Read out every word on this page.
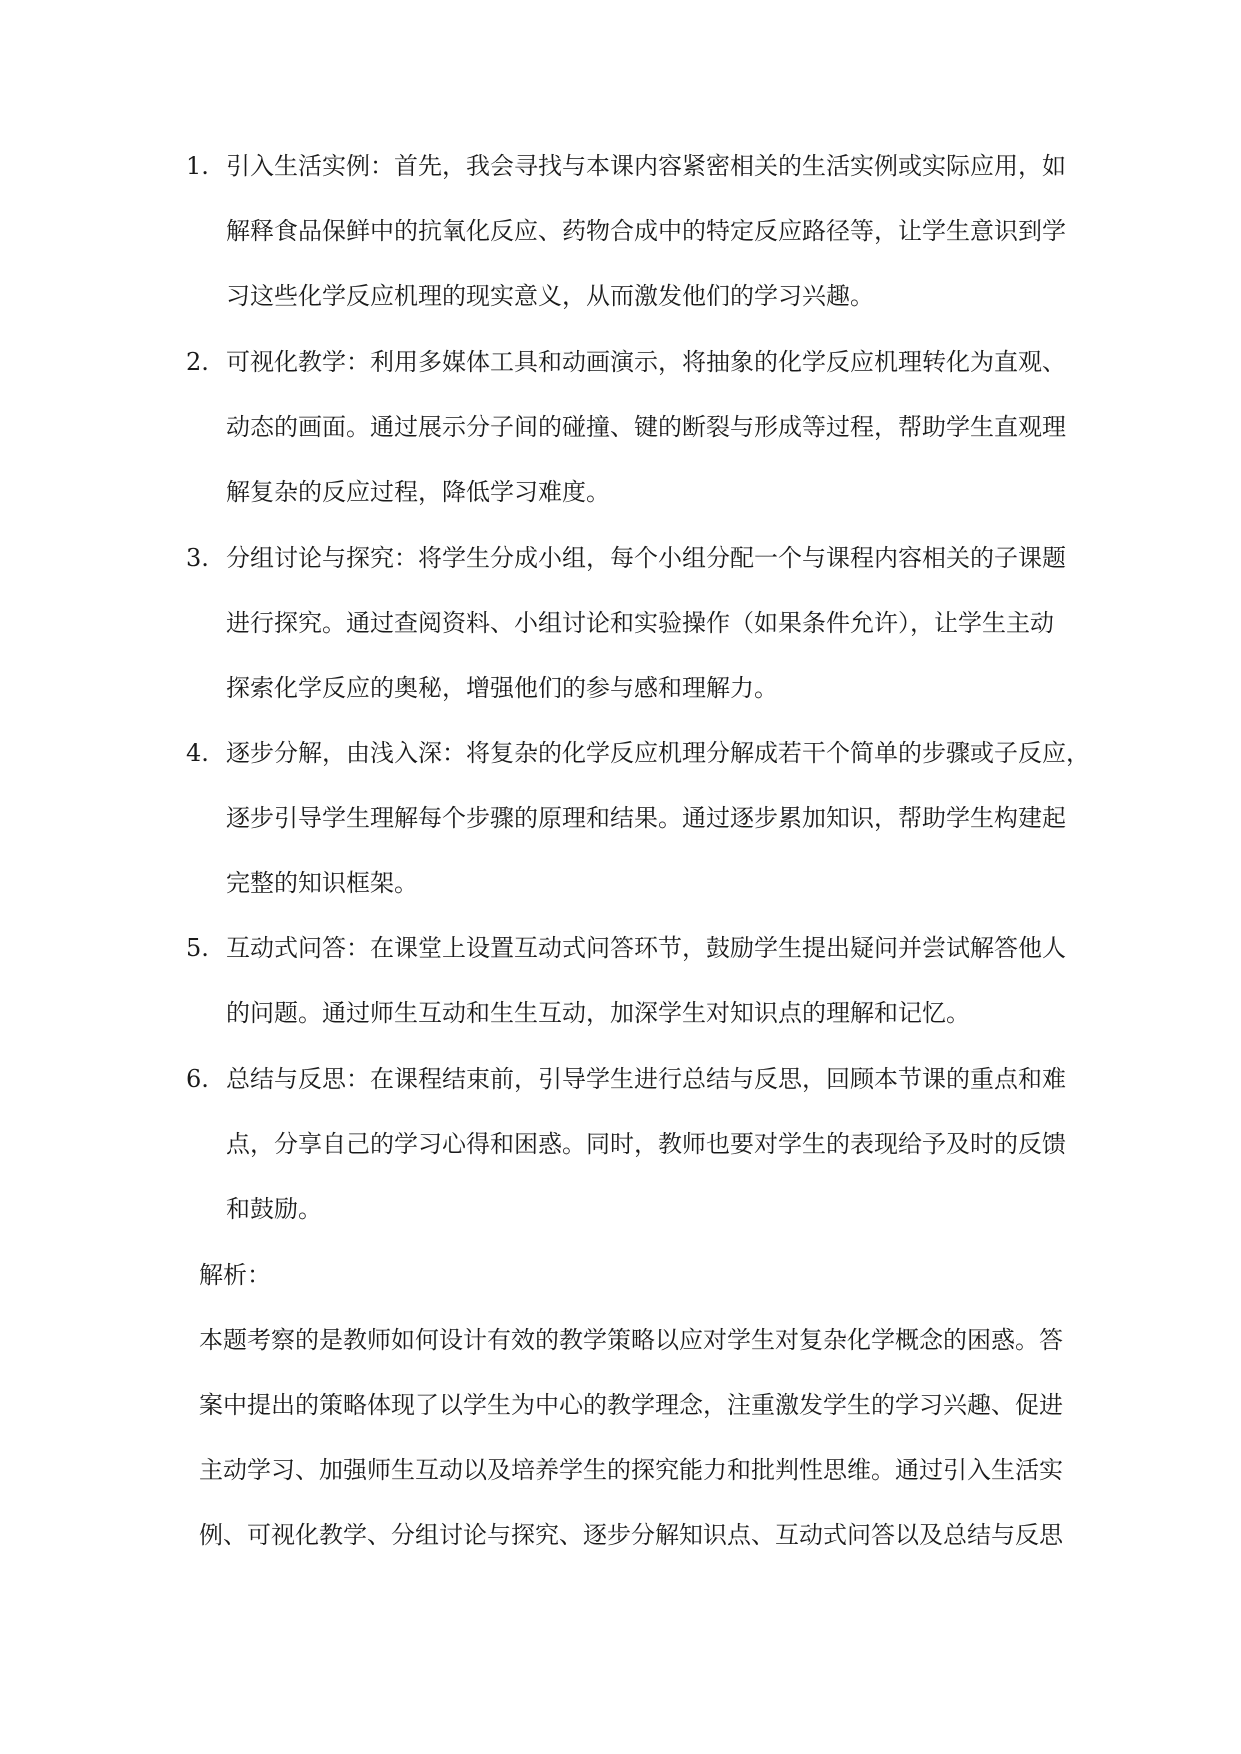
1. 引入生活实例：首先，我会寻找与本课内容紧密相关的生活实例或实际应用，如
解释食品保鲜中的抗氧化反应、药物合成中的特定反应路径等，让学生意识到学
习这些化学反应机理的现实意义，从而激发他们的学习兴趣。
2. 可视化教学：利用多媒体工具和动画演示，将抽象的化学反应机理转化为直观、
动态的画面。通过展示分子间的碰撞、键的断裂与形成等过程，帮助学生直观理
解复杂的反应过程，降低学习难度。
3. 分组讨论与探究：将学生分成小组，每个小组分配一个与课程内容相关的子课题
进行探究。通过查阅资料、小组讨论和实验操作（如果条件允许），让学生主动
探索化学反应的奥秘，增强他们的参与感和理解力。
4. 逐步分解，由浅入深：将复杂的化学反应机理分解成若干个简单的步骤或子反应，
逐步引导学生理解每个步骤的原理和结果。通过逐步累加知识，帮助学生构建起
完整的知识框架。
5. 互动式问答：在课堂上设置互动式问答环节，鼓励学生提出疑问并尝试解答他人
的问题。通过师生互动和生生互动，加深学生对知识点的理解和记忆。
6. 总结与反思：在课程结束前，引导学生进行总结与反思，回顾本节课的重点和难
点，分享自己的学习心得和困惑。同时，教师也要对学生的表现给予及时的反馈
和鼓励。
解析：
本题考察的是教师如何设计有效的教学策略以应对学生对复杂化学概念的困惑。答
案中提出的策略体现了以学生为中心的教学理念，注重激发学生的学习兴趣、促进
主动学习、加强师生互动以及培养学生的探究能力和批判性思维。通过引入生活实
例、可视化教学、分组讨论与探究、逐步分解知识点、互动式问答以及总结与反思
